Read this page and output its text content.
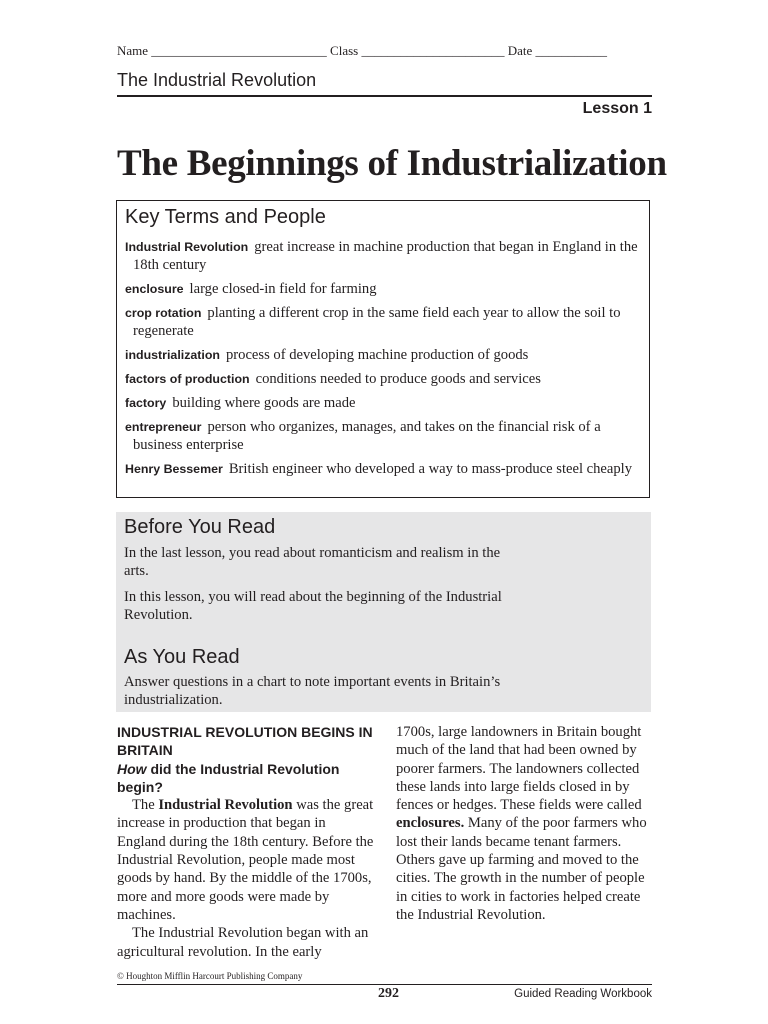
Name ___________________________ Class ______________________ Date ___________
The Industrial Revolution
Lesson 1
The Beginnings of Industrialization
Key Terms and People
Industrial Revolution great increase in machine production that began in England in the 18th century
enclosure large closed-in field for farming
crop rotation planting a different crop in the same field each year to allow the soil to regenerate
industrialization process of developing machine production of goods
factors of production conditions needed to produce goods and services
factory building where goods are made
entrepreneur person who organizes, manages, and takes on the financial risk of a business enterprise
Henry Bessemer British engineer who developed a way to mass-produce steel cheaply
Before You Read
In the last lesson, you read about romanticism and realism in the arts.
In this lesson, you will read about the beginning of the Industrial Revolution.
As You Read
Answer questions in a chart to note important events in Britain’s industrialization.
INDUSTRIAL REVOLUTION BEGINS IN BRITAIN
How did the Industrial Revolution begin?

The Industrial Revolution was the great increase in production that began in England during the 18th century. Before the Industrial Revolution, people made most goods by hand. By the middle of the 1700s, more and more goods were made by machines.

The Industrial Revolution began with an agricultural revolution. In the early

1700s, large landowners in Britain bought much of the land that had been owned by poorer farmers. The landowners collected these lands into large fields closed in by fences or hedges. These fields were called enclosures. Many of the poor farmers who lost their lands became tenant farmers. Others gave up farming and moved to the cities. The growth in the number of people in cities to work in factories helped create the Industrial Revolution.

© Houghton Mifflin Harcourt Publishing Company
292	Guided Reading Workbook
